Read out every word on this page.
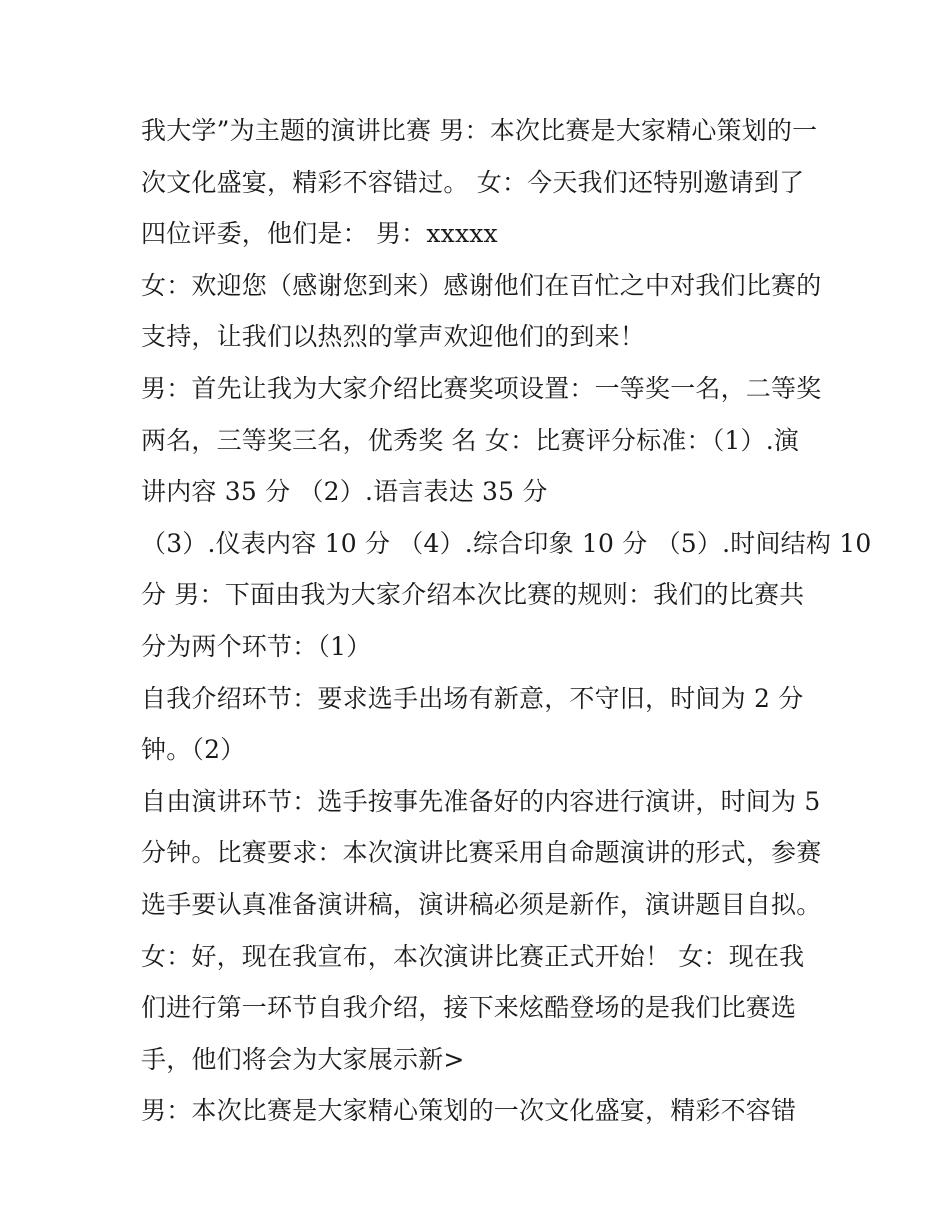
我大学”为主题的演讲比赛 男：本次比赛是大家精心策划的一
次文化盛宴，精彩不容错过。 女：今天我们还特别邀请到了
四位评委，他们是： 男：xxxxx
女：欢迎您（感谢您到来）感谢他们在百忙之中对我们比赛的
支持，让我们以热烈的掌声欢迎他们的到来！
男：首先让我为大家介绍比赛奖项设置：一等奖一名，二等奖
两名，三等奖三名，优秀奖 名 女：比赛评分标准：（1）.演
讲内容 35 分 （2）.语言表达 35 分
（3）.仪表内容 10 分 （4）.综合印象 10 分 （5）.时间结构 10
分 男：下面由我为大家介绍本次比赛的规则：我们的比赛共
分为两个环节：（1）
自我介绍环节：要求选手出场有新意，不守旧，时间为 2 分
钟。（2）
自由演讲环节：选手按事先准备好的内容进行演讲，时间为 5
分钟。比赛要求：本次演讲比赛采用自命题演讲的形式，参赛
选手要认真准备演讲稿，演讲稿必须是新作，演讲题目自拟。
女：好，现在我宣布，本次演讲比赛正式开始！ 女：现在我
们进行第一环节自我介绍，接下来炫酷登场的是我们比赛选
手，他们将会为大家展示新>
男：本次比赛是大家精心策划的一次文化盛宴，精彩不容错
